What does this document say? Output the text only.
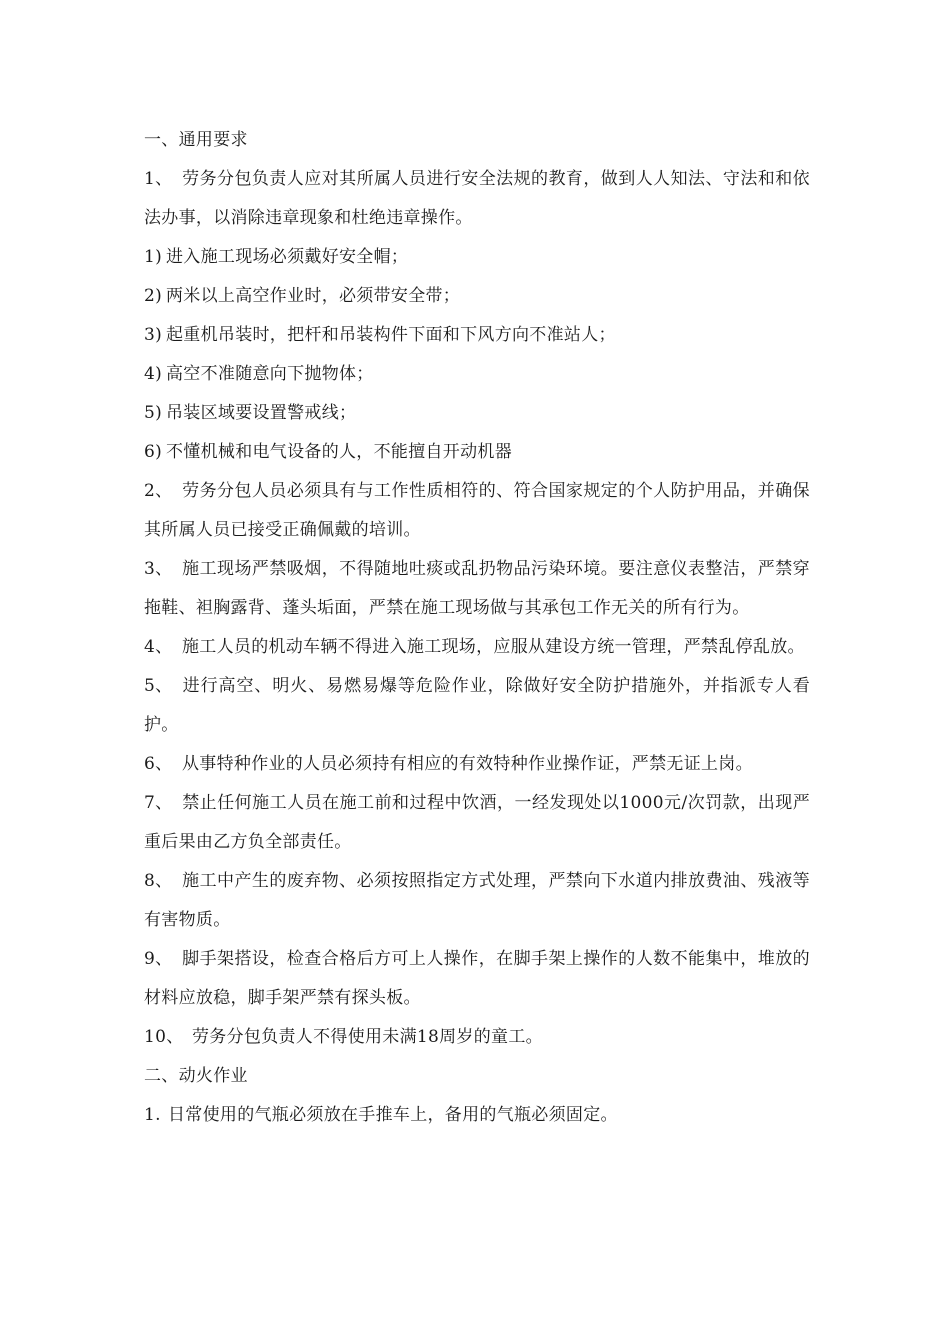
一、通用要求

1、 劳务分包负责人应对其所属人员进行安全法规的教育，做到人人知法、守法和和依法办事，以消除违章现象和杜绝违章操作。

1) 进入施工现场必须戴好安全帽；

2) 两米以上高空作业时，必须带安全带；

3) 起重机吊装时，把杆和吊装构件下面和下风方向不准站人；

4) 高空不准随意向下抛物体；

5) 吊装区域要设置警戒线；

6) 不懂机械和电气设备的人，不能擅自开动机器

2、 劳务分包人员必须具有与工作性质相符的、符合国家规定的个人防护用品，并确保其所属人员已接受正确佩戴的培训。

3、 施工现场严禁吸烟，不得随地吐痰或乱扔物品污染环境。要注意仪表整洁，严禁穿拖鞋、袒胸露背、蓬头垢面，严禁在施工现场做与其承包工作无关的所有行为。

4、 施工人员的机动车辆不得进入施工现场，应服从建设方统一管理，严禁乱停乱放。

5、 进行高空、明火、易燃易爆等危险作业，除做好安全防护措施外，并指派专人看护。

6、 从事特种作业的人员必须持有相应的有效特种作业操作证，严禁无证上岗。

7、 禁止任何施工人员在施工前和过程中饮酒，一经发现处以1000元/次罚款，出现严重后果由乙方负全部责任。

8、 施工中产生的废弃物、必须按照指定方式处理，严禁向下水道内排放费油、残液等有害物质。

9、 脚手架搭设，检查合格后方可上人操作，在脚手架上操作的人数不能集中，堆放的材料应放稳，脚手架严禁有探头板。

10、 劳务分包负责人不得使用未满18周岁的童工。

二、动火作业

1. 日常使用的气瓶必须放在手推车上，备用的气瓶必须固定。
